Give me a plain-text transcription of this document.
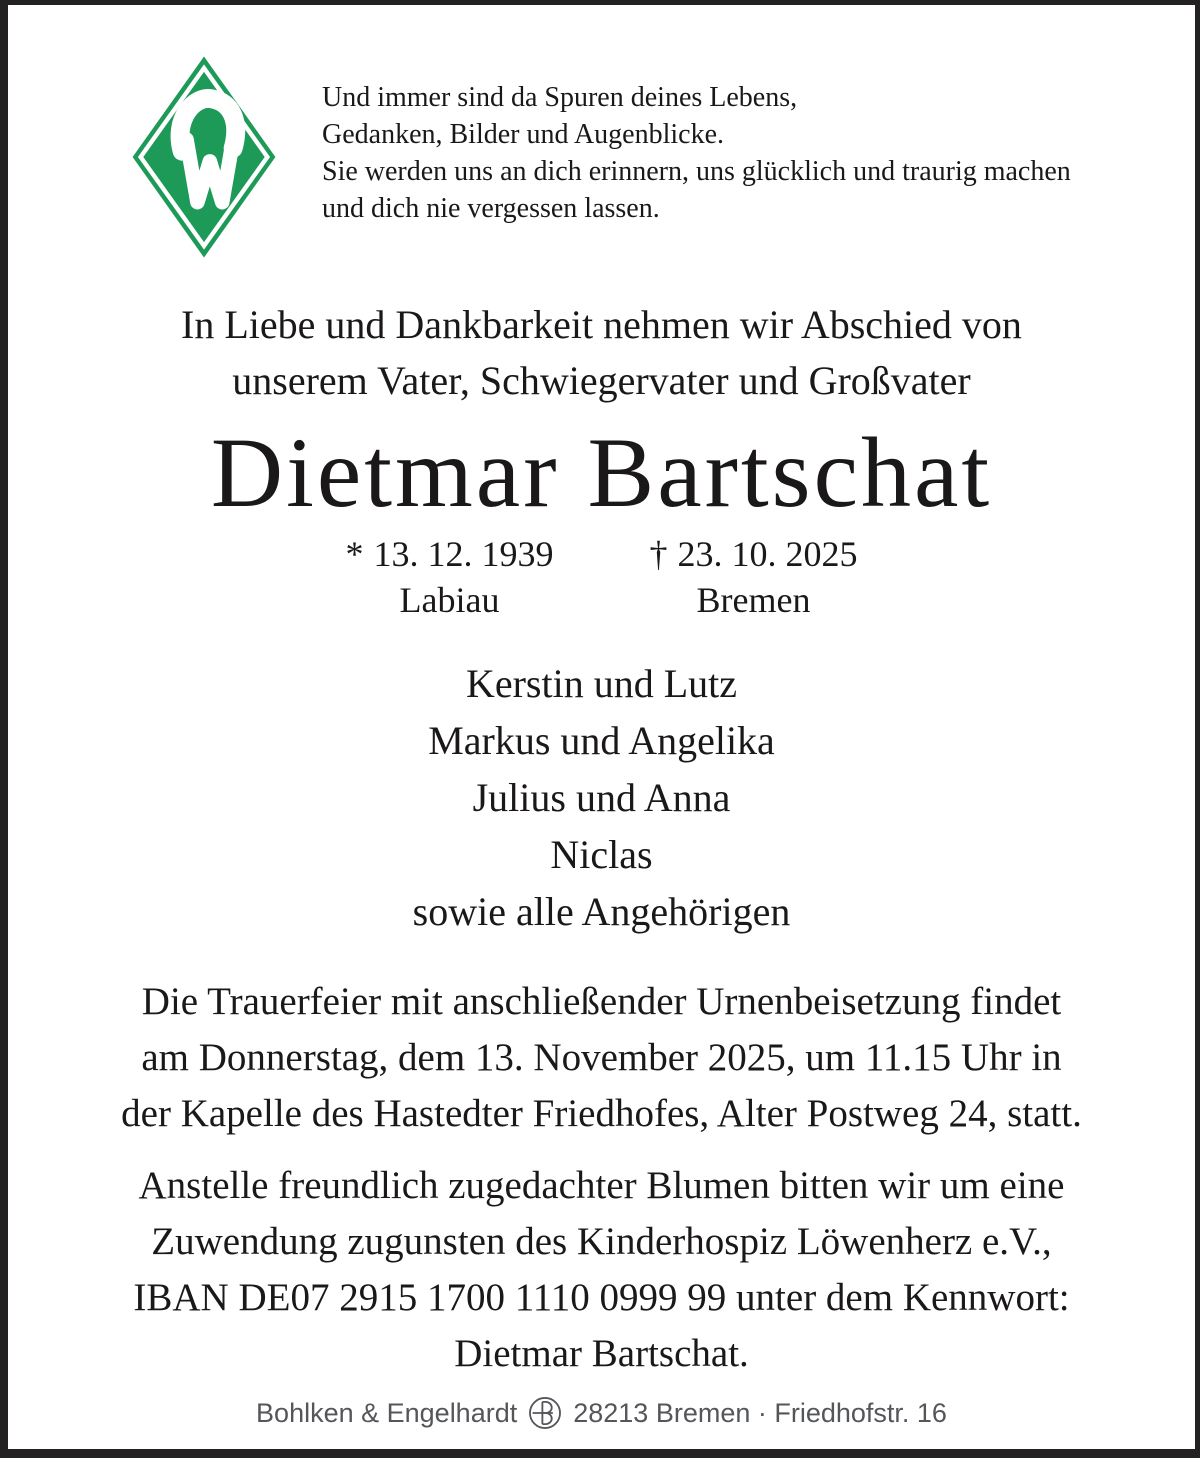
Und immer sind da Spuren deines Lebens,
Gedanken, Bilder und Augenblicke.
Sie werden uns an dich erinnern, uns glücklich und traurig machen
und dich nie vergessen lassen.
In Liebe und Dankbarkeit nehmen wir Abschied von
unserem Vater, Schwiegervater und Großvater
Dietmar Bartschat
* 13. 12. 1939
Labiau
† 23. 10. 2025
Bremen
Kerstin und Lutz
Markus und Angelika
Julius und Anna
Niclas
sowie alle Angehörigen
Die Trauerfeier mit anschließender Urnenbeisetzung findet
am Donnerstag, dem 13. November 2025, um 11.15 Uhr in
der Kapelle des Hastedter Friedhofes, Alter Postweg 24, statt.
Anstelle freundlich zugedachter Blumen bitten wir um eine
Zuwendung zugunsten des Kinderhospiz Löwenherz e.V.,
IBAN DE07 2915 1700 1110 0999 99 unter dem Kennwort:
Dietmar Bartschat.
Bohlken & Engelhardt 28213 Bremen · Friedhofstr. 16
